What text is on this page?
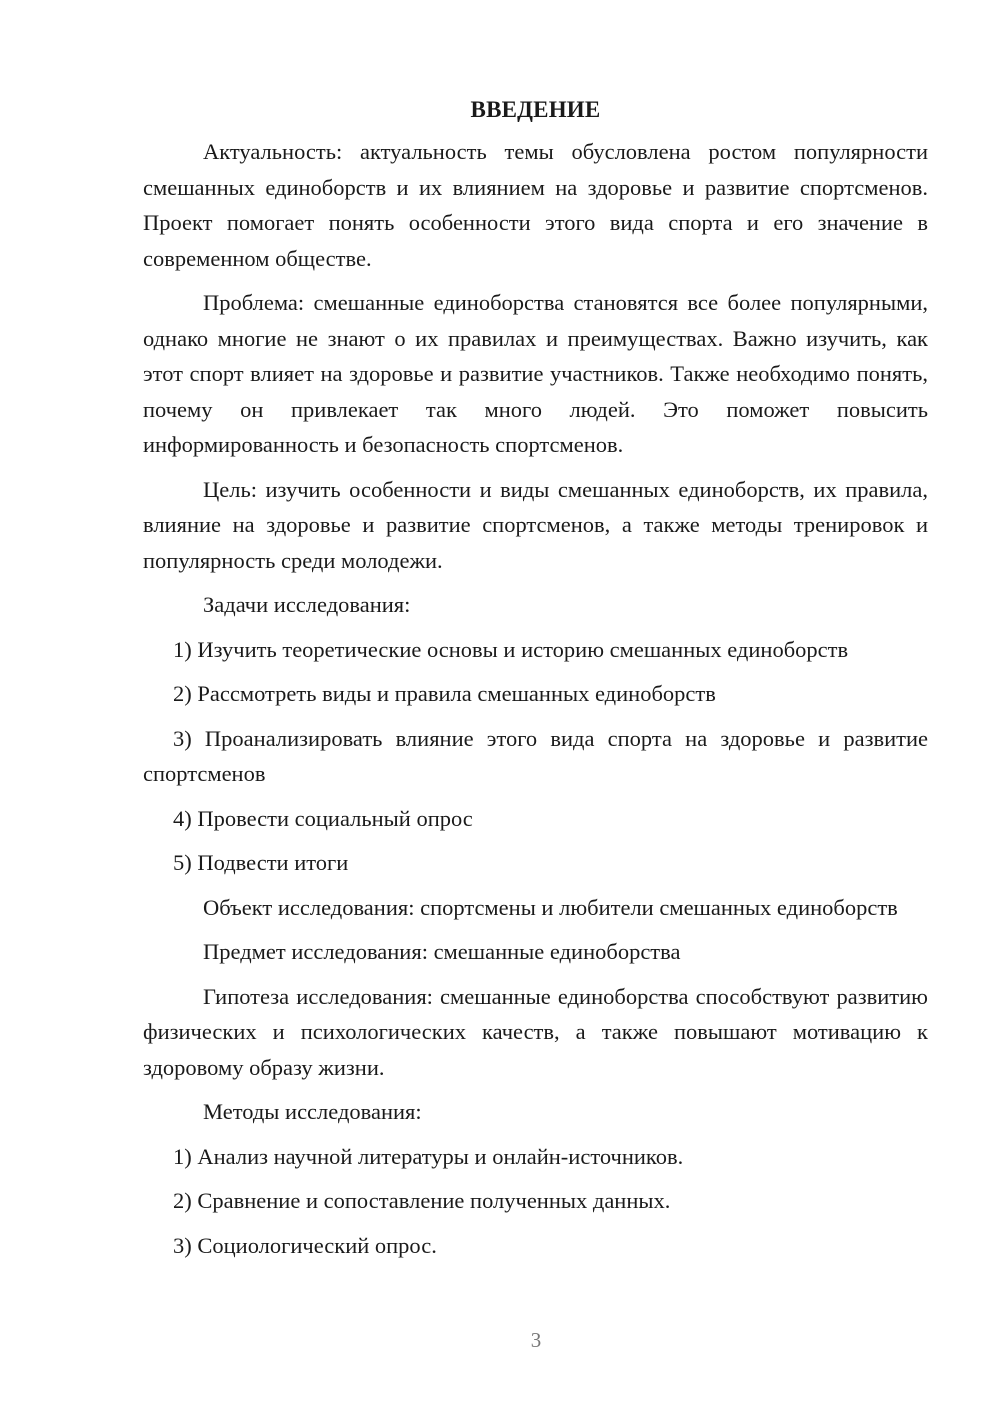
ВВЕДЕНИЕ

Актуальность: актуальность темы обусловлена ростом популярности смешанных единоборств и их влиянием на здоровье и развитие спортсменов. Проект помогает понять особенности этого вида спорта и его значение в современном обществе.

Проблема: смешанные единоборства становятся все более популярными, однако многие не знают о их правилах и преимуществах. Важно изучить, как этот спорт влияет на здоровье и развитие участников. Также необходимо понять, почему он привлекает так много людей. Это поможет повысить информированность и безопасность спортсменов.

Цель: изучить особенности и виды смешанных единоборств, их правила, влияние на здоровье и развитие спортсменов, а также методы тренировок и популярность среди молодежи.

Задачи исследования:

1) Изучить теоретические основы и историю смешанных единоборств

2) Рассмотреть виды и правила смешанных единоборств

3) Проанализировать влияние этого вида спорта на здоровье и развитие спортсменов

4) Провести социальный опрос

5) Подвести итоги

Объект исследования: спортсмены и любители смешанных единоборств

Предмет исследования: смешанные единоборства

Гипотеза исследования: смешанные единоборства способствуют развитию физических и психологических качеств, а также повышают мотивацию к здоровому образу жизни.

Методы исследования:

1) Анализ научной литературы и онлайн-источников.

2) Сравнение и сопоставление полученных данных.

3) Социологический опрос.

3
